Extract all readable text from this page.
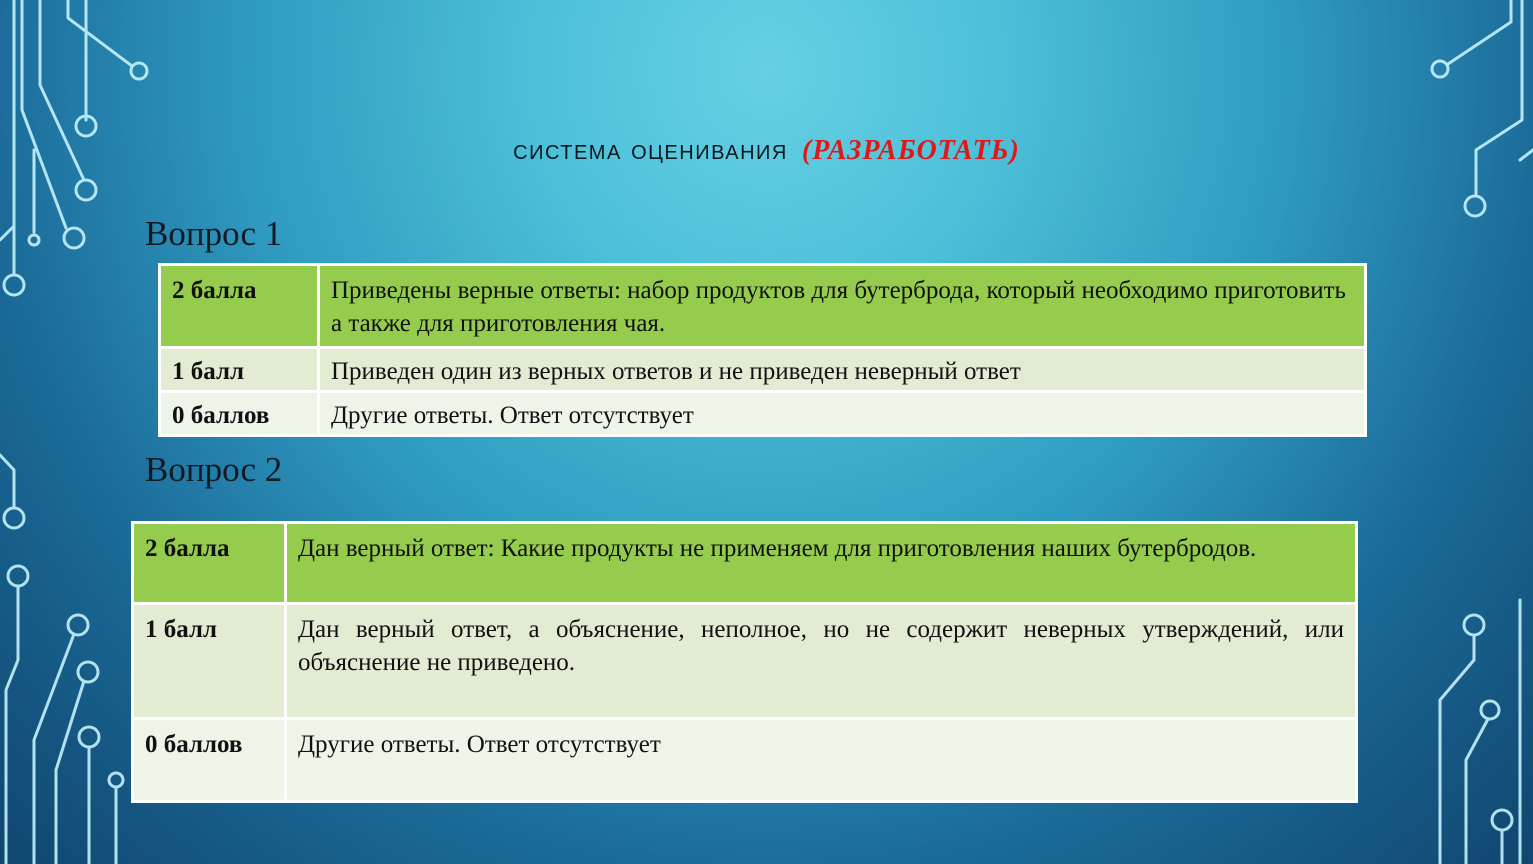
система оценивания (РАЗРАБОТАТЬ)
Вопрос 1
2 балла	Приведены верные ответы: набор продуктов для бутерброда, который необходимо приготовить а также для приготовления чая.
1 балл	Приведен один из верных ответов и не приведен неверный ответ
0 баллов	Другие ответы. Ответ отсутствует
Вопрос 2
2 балла	Дан верный ответ: Какие продукты не применяем для приготовления наших бутербродов.
1 балл	Дан верный ответ, а объяснение, неполное, но не содержит неверных утверждений, или объяснение не приведено.
0 баллов	Другие ответы. Ответ отсутствует
